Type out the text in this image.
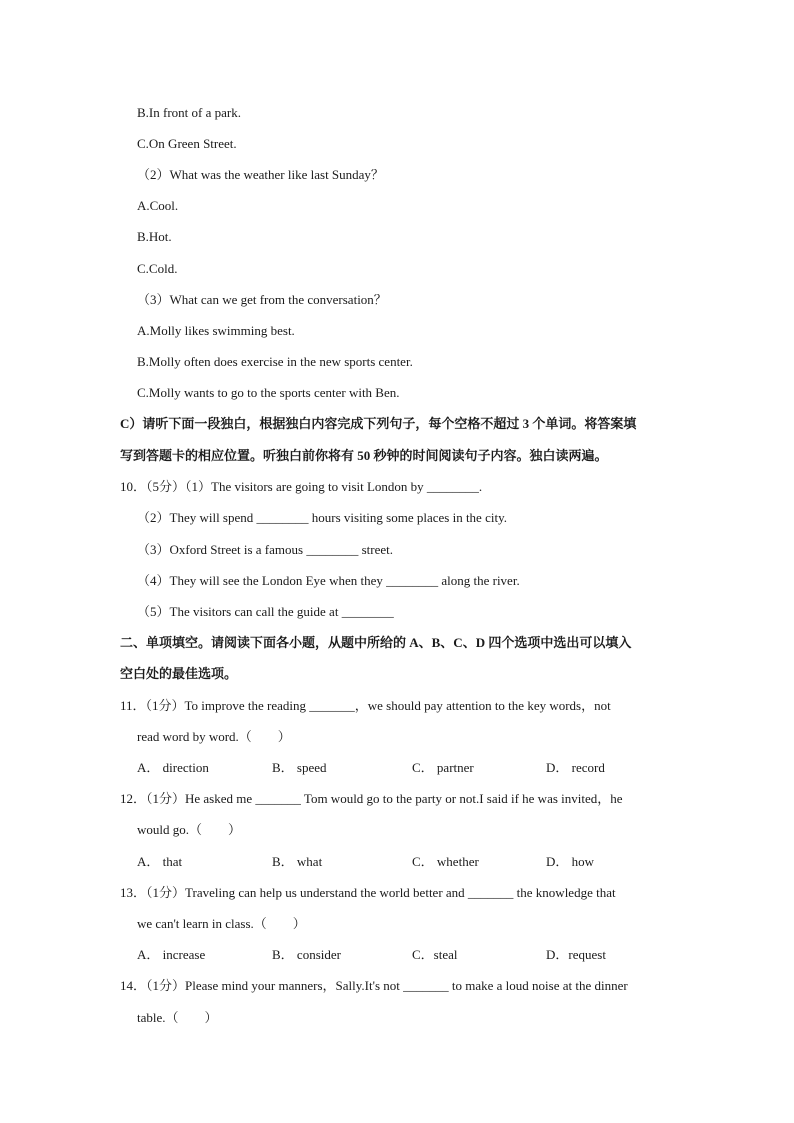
B.In front of a park.
C.On Green Street.
（2）What was the weather like last Sunday？
A.Cool.
B.Hot.
C.Cold.
（3）What can we get from the conversation？
A.Molly likes swimming best.
B.Molly often does exercise in the new sports center.
C.Molly wants to go to the sports center with Ben.
C）请听下面一段独白，根据独白内容完成下列句子，每个空格不超过 3 个单词。将答案填
写到答题卡的相应位置。听独白前你将有 50 秒钟的时间阅读句子内容。独白读两遍。
10．（5分）（1）The visitors are going to visit London by ________.
（2）They will spend ________ hours visiting some places in the city.
（3）Oxford Street is a famous ________ street.
（4）They will see the London Eye when they ________ along the river.
（5）The visitors can call the guide at ________
二、单项填空。请阅读下面各小题，从题中所给的 A、B、C、D 四个选项中选出可以填入
空白处的最佳选项。
11．（1分）To improve the reading _______，we should pay attention to the key words，not
read word by word.（　　）
A． direction	B． speed	C． partner	D． record
12．（1分）He asked me _______ Tom would go to the party or not.I said if he was invited，he
would go.（　　）
A． that	B． what	C． whether	D． how
13．（1分）Traveling can help us understand the world better and _______ the knowledge that
we can't learn in class.（　　）
A． increase	B． consider	C．steal	D．request
14．（1分）Please mind your manners，Sally.It's not _______ to make a loud noise at the dinner
table.（　　）
